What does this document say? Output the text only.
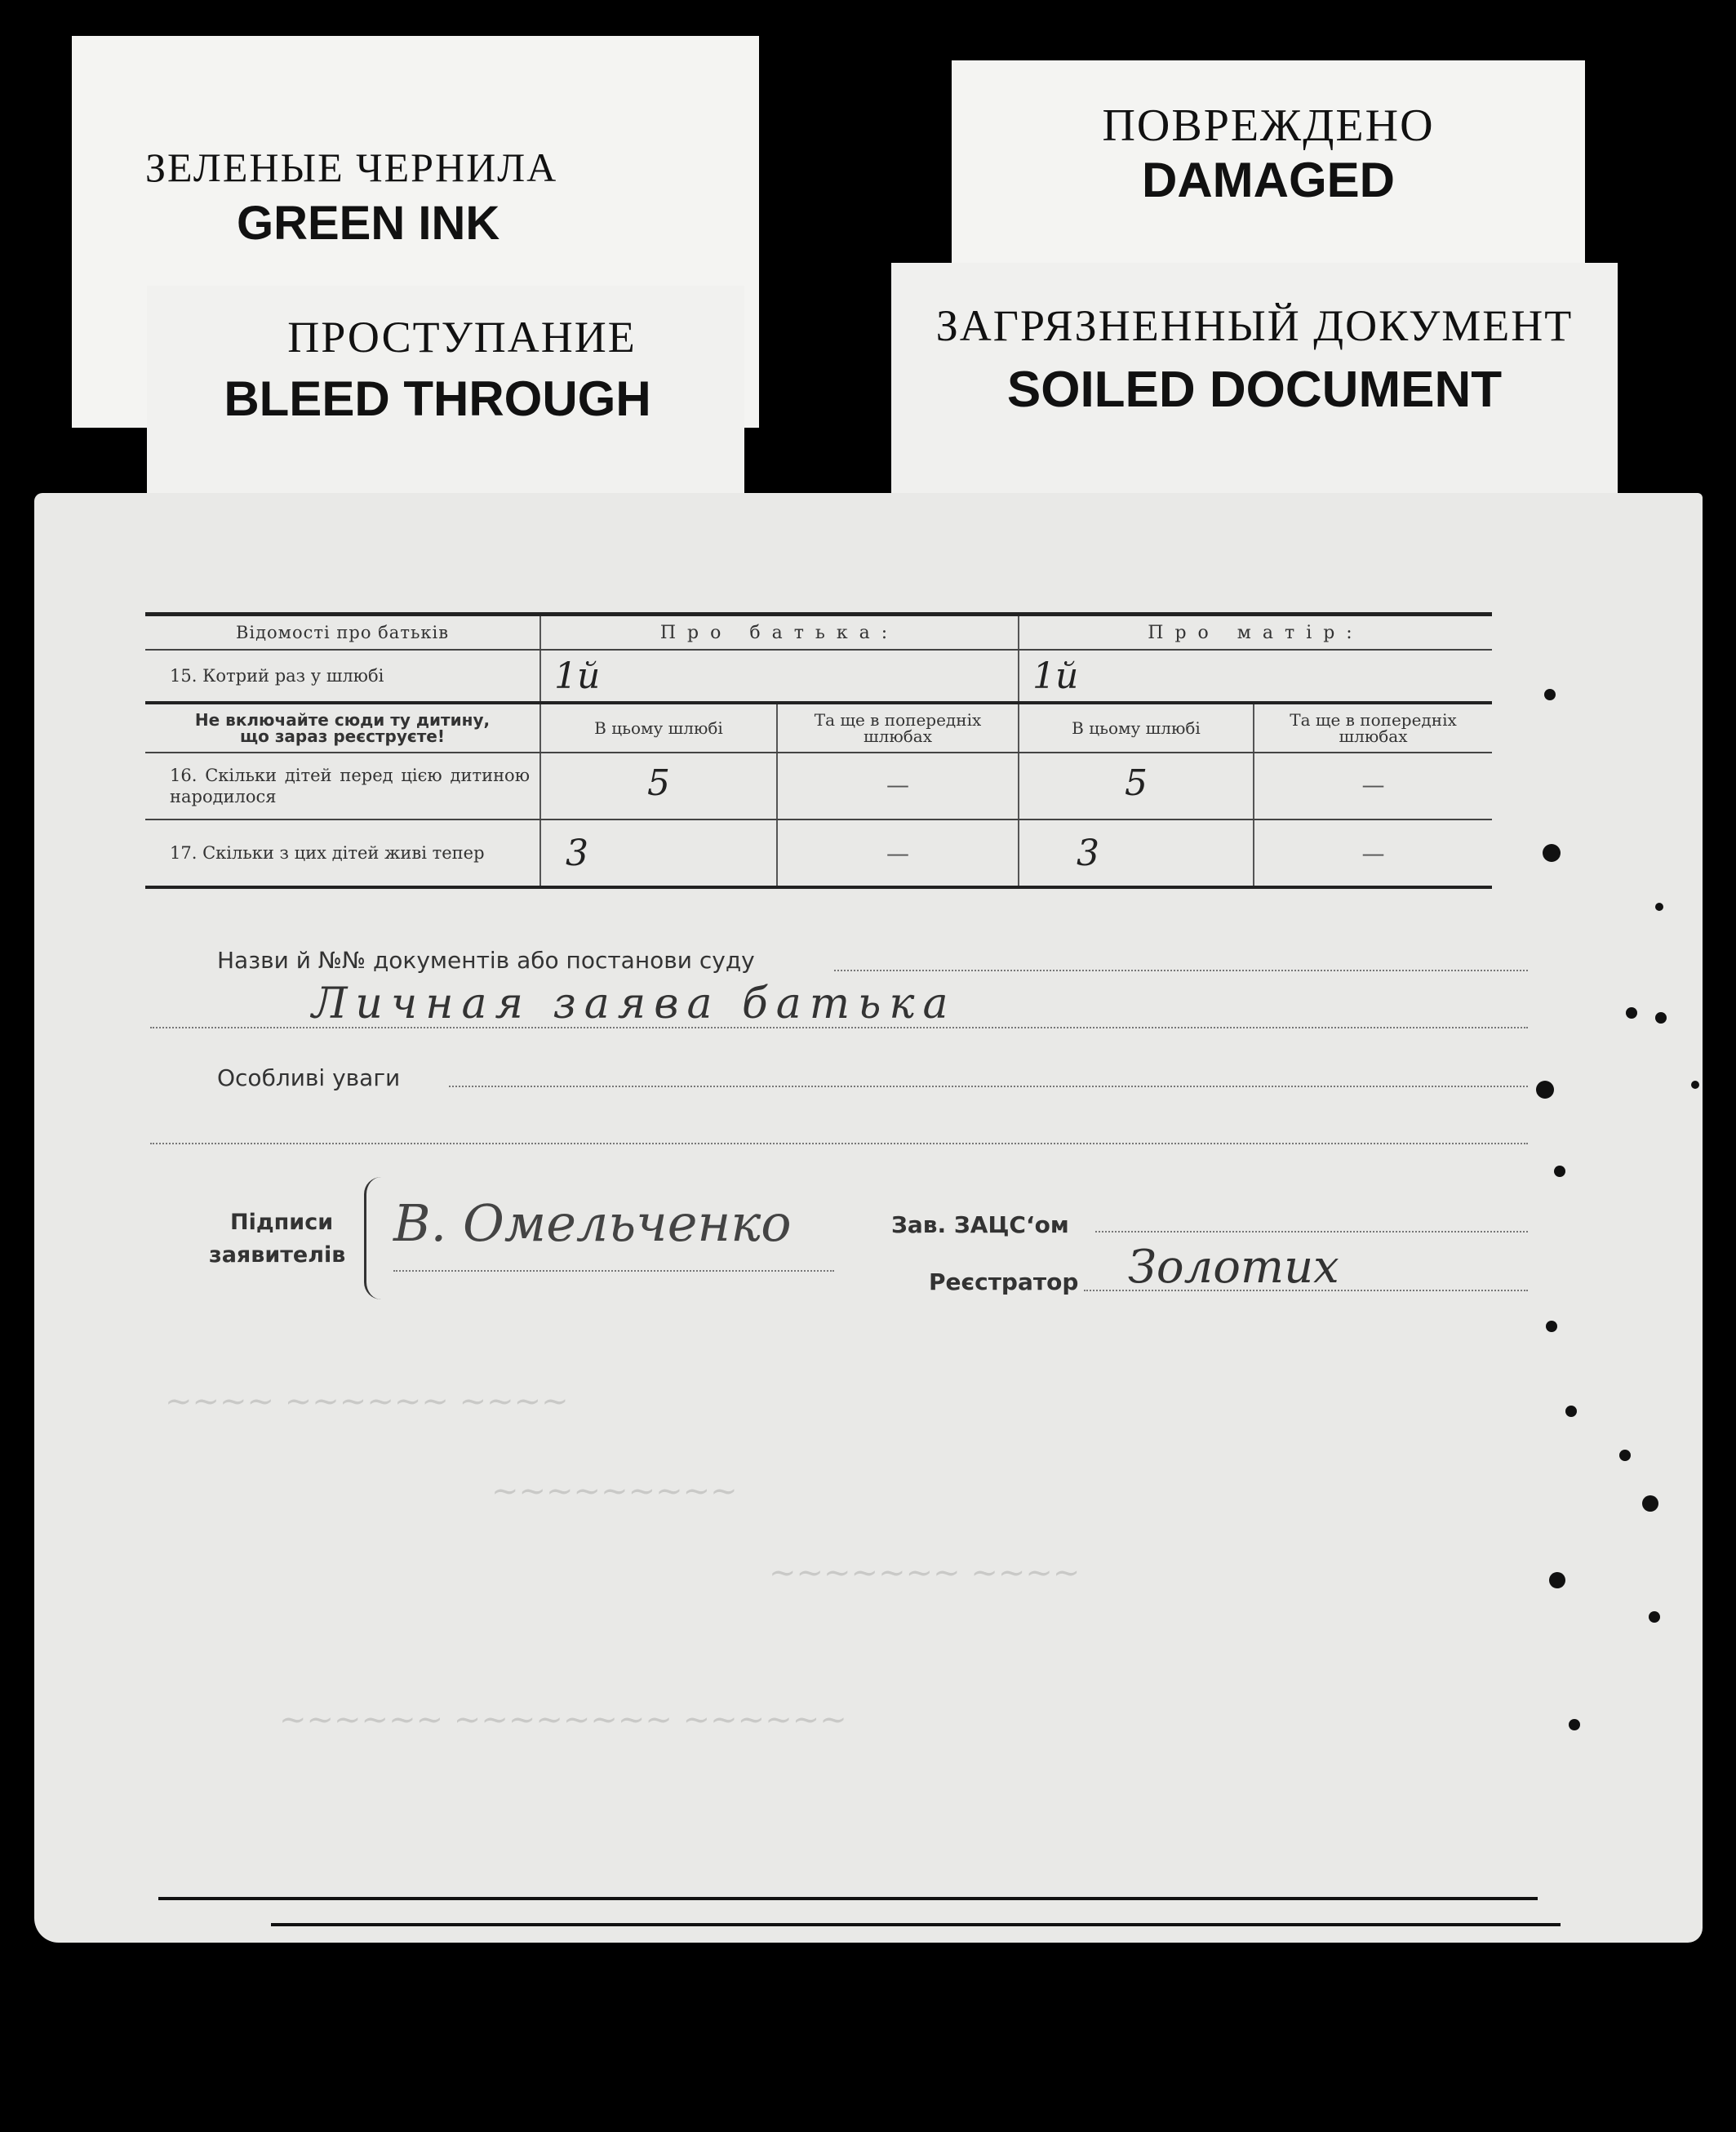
ЗЕЛЕНЫЕ ЧЕРНИЛА
GREEN INK
ПОВРЕЖДЕНО
DAMAGED
ПРОСТУПАНИЕ
BLEED THROUGH
ЗАГРЯЗНЕННЫЙ ДОКУМЕНТ
SOILED DOCUMENT
~~~~ ~~~~~~ ~~~~
~~~~~~~~~
~~~~~~~ ~~~~
~~~~~~ ~~~~~~~~ ~~~~~~
Відомості про батьків	Про батька:		Про матір:	
15. Котрий раз у шлюбі	1й		1й	

Не включайте сюди ту дитину,
що зараз реєструєте!	В цьому шлюбі	Та ще в попередніх шлюбах	В цьому шлюбі	Та ще в попередніх шлюбах
16. Скільки дітей перед цією дитиною народилося	5	—	5	—
17. Скільки з цих дітей живі тепер	3	—	3	—
Назви й №№ документів або постанови суду
Личная заява батька
Особливі уваги
Підписи
заявителів
В. Омельченко	Зав. ЗАЦС‘ом
Реєстратор Золотих
